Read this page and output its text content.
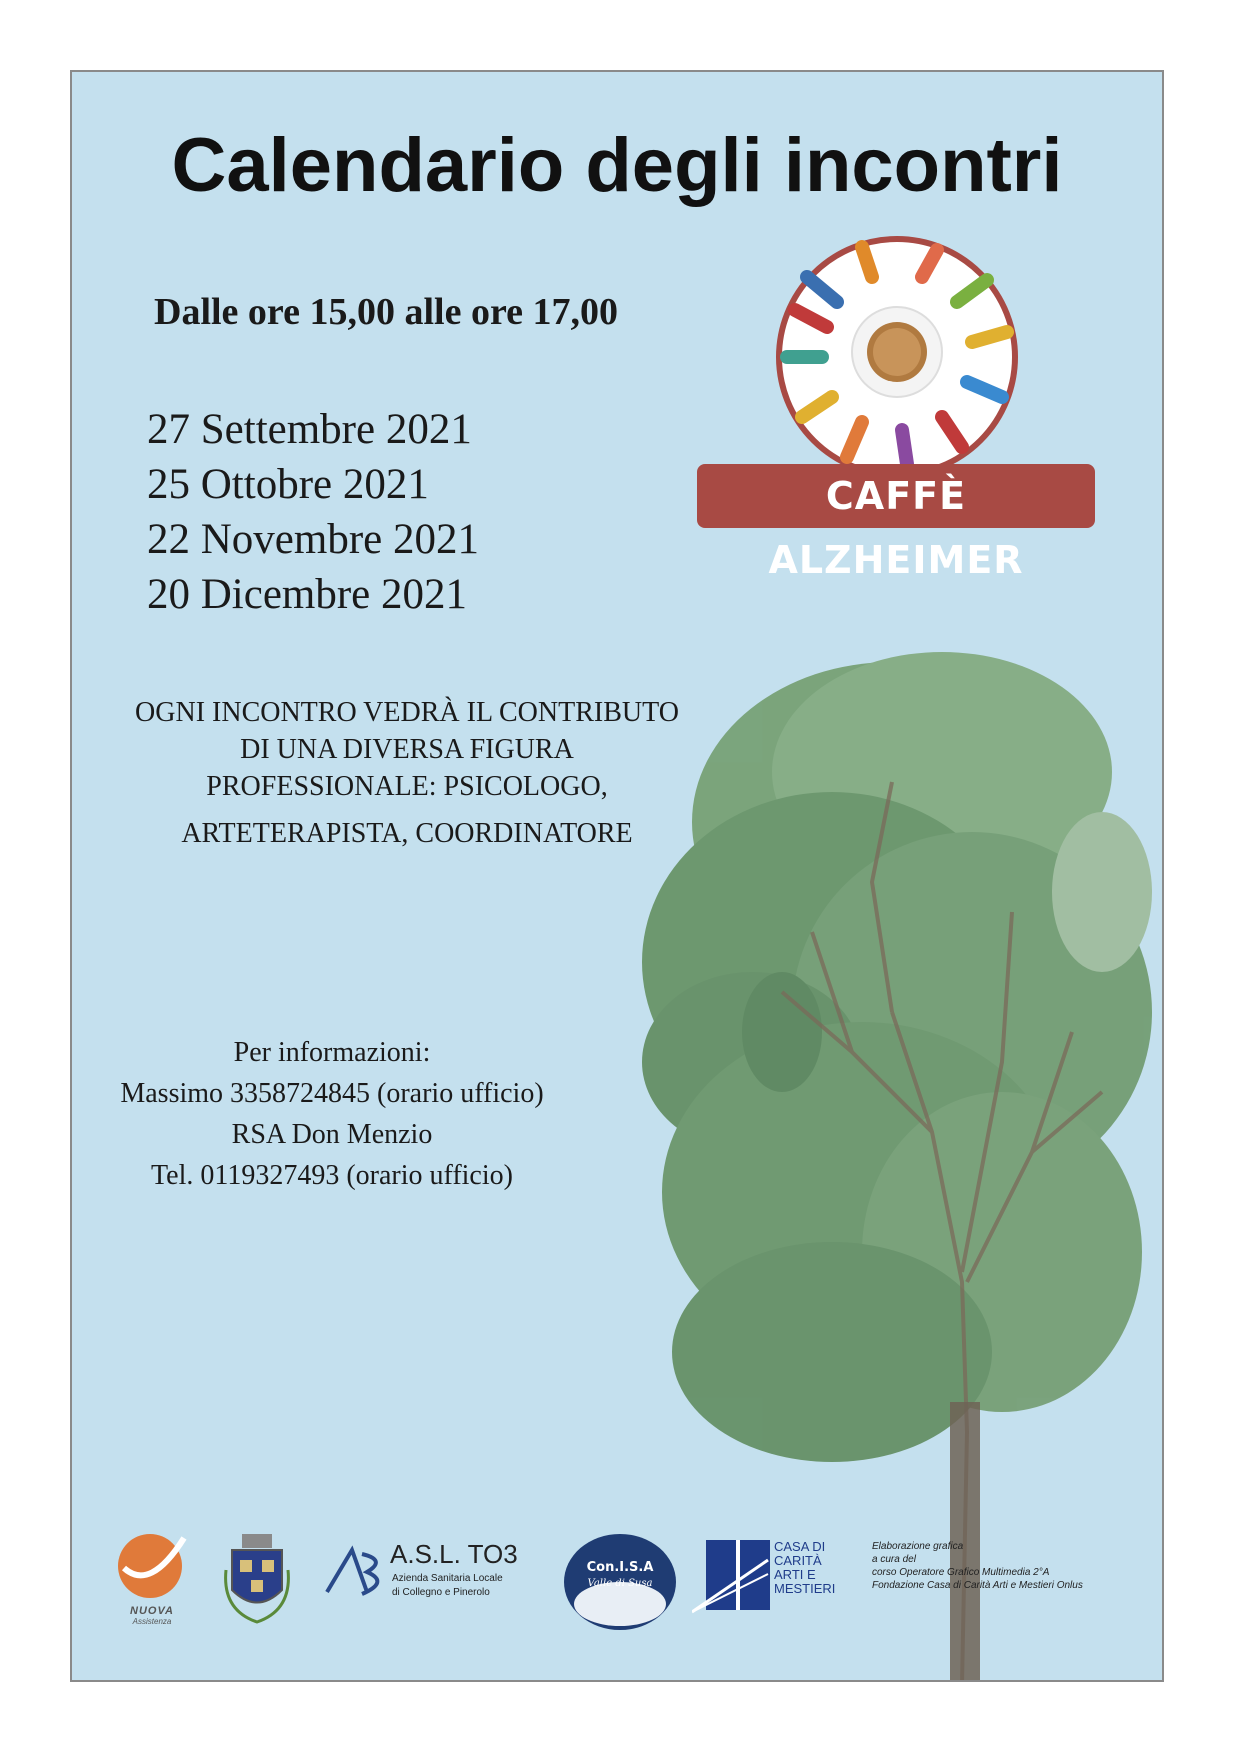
Calendario degli incontri
Dalle ore 15,00 alle ore 17,00
27 Settembre 2021
25 Ottobre 2021
22 Novembre 2021
20 Dicembre 2021
CAFFÈ ALZHEIMER
OGNI INCONTRO VEDRÀ IL CONTRIBUTO
DI UNA DIVERSA FIGURA
PROFESSIONALE: PSICOLOGO,
ARTETERAPISTA, COORDINATORE
Per informazioni:
Massimo 3358724845 (orario ufficio)
RSA Don Menzio
Tel. 0119327493 (orario ufficio)
NUOVA
Assistenza
A.S.L. TO3
Azienda Sanitaria Locale
di Collegno e Pinerolo
Con.I.S.A
Valle di Susa
CASA DI
CARITÀ
ARTI E
MESTIERI
Elaborazione grafica
a cura del
corso Operatore Grafico Multimedia 2°A
Fondazione Casa di Carità Arti e Mestieri Onlus
